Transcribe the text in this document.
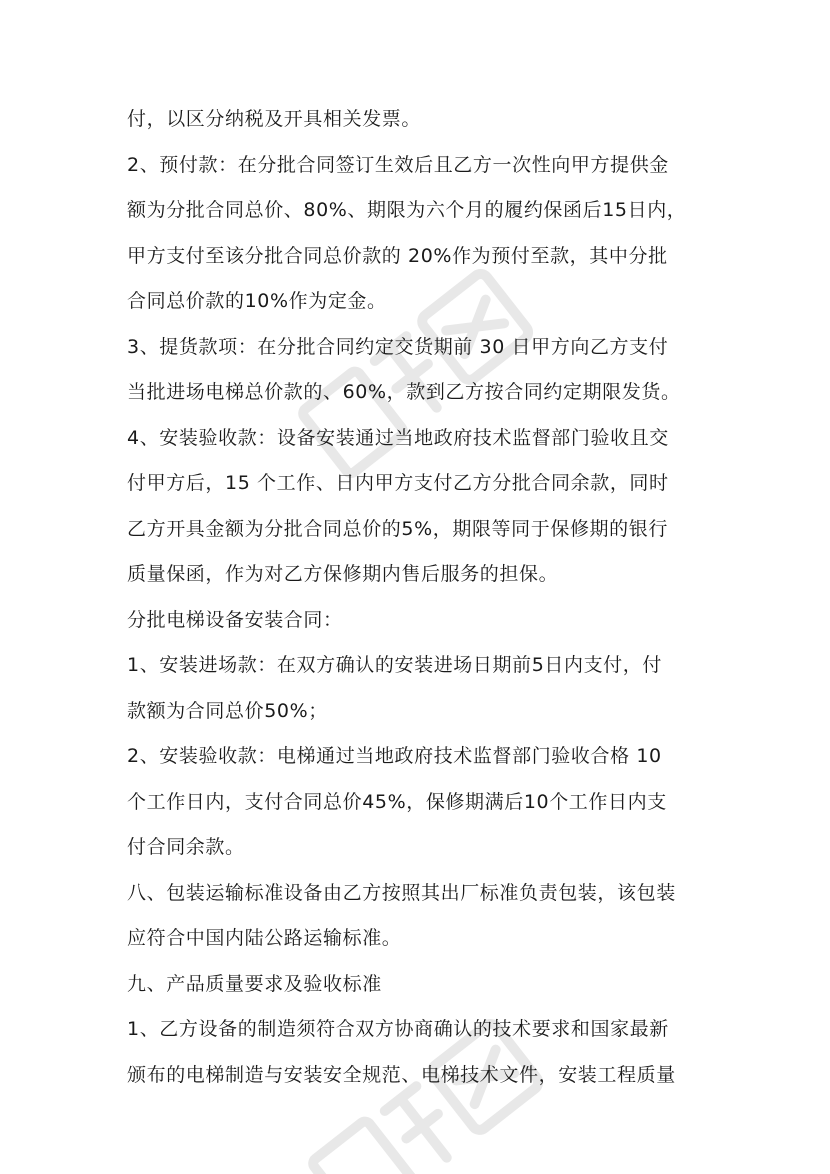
付，以区分纳税及开具相关发票。
2、预付款：在分批合同签订生效后且乙方一次性向甲方提供金
额为分批合同总价、80%、期限为六个月的履约保函后15日内，
甲方支付至该分批合同总价款的 20%作为预付至款，其中分批
合同总价款的10%作为定金。
3、提货款项：在分批合同约定交货期前 30 日甲方向乙方支付
当批进场电梯总价款的、60%，款到乙方按合同约定期限发货。
4、安装验收款：设备安装通过当地政府技术监督部门验收且交
付甲方后，15 个工作、日内甲方支付乙方分批合同余款，同时
乙方开具金额为分批合同总价的5%，期限等同于保修期的银行
质量保函，作为对乙方保修期内售后服务的担保。
分批电梯设备安装合同：
1、安装进场款：在双方确认的安装进场日期前5日内支付，付
款额为合同总价50%；
2、安装验收款：电梯通过当地政府技术监督部门验收合格 10
个工作日内，支付合同总价45%，保修期满后10个工作日内支
付合同余款。
八、包装运输标准设备由乙方按照其出厂标准负责包装，该包装
应符合中国内陆公路运输标准。
九、产品质量要求及验收标准
1、乙方设备的制造须符合双方协商确认的技术要求和国家最新
颁布的电梯制造与安装安全规范、电梯技术文件，安装工程质量
